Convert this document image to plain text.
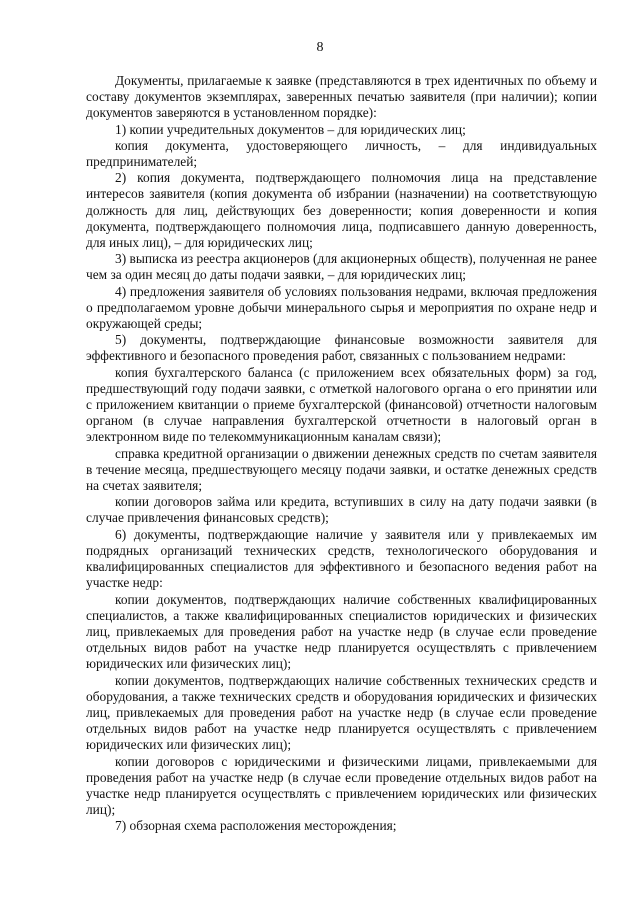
8

Документы, прилагаемые к заявке (представляются в трех идентичных по объему и составу документов экземплярах, заверенных печатью заявителя (при наличии); копии документов заверяются в установленном порядке):

1) копии учредительных документов – для юридических лиц;

копия документа, удостоверяющего личность, – для индивидуальных предпринимателей;

2) копия документа, подтверждающего полномочия лица на представление интересов заявителя (копия документа об избрании (назначении) на соответствующую должность для лиц, действующих без доверенности; копия доверенности и копия документа, подтверждающего полномочия лица, подписавшего данную доверенность, для иных лиц), – для юридических лиц;

3) выписка из реестра акционеров (для акционерных обществ), полученная не ранее чем за один месяц до даты подачи заявки, – для юридических лиц;

4) предложения заявителя об условиях пользования недрами, включая предложения о предполагаемом уровне добычи минерального сырья и мероприятия по охране недр и окружающей среды;

5) документы, подтверждающие финансовые возможности заявителя для эффективного и безопасного проведения работ, связанных с пользованием недрами:

копия бухгалтерского баланса (с приложением всех обязательных форм) за год, предшествующий году подачи заявки, с отметкой налогового органа о его принятии или с приложением квитанции о приеме бухгалтерской (финансовой) отчетности налоговым органом (в случае направления бухгалтерской отчетности в налоговый орган в электронном виде по телекоммуникационным каналам связи);

справка кредитной организации о движении денежных средств по счетам заявителя в течение месяца, предшествующего месяцу подачи заявки, и остатке денежных средств на счетах заявителя;

копии договоров займа или кредита, вступивших в силу на дату подачи заявки (в случае привлечения финансовых средств);

6) документы, подтверждающие наличие у заявителя или у привлекаемых им подрядных организаций технических средств, технологического оборудования и квалифицированных специалистов для эффективного и безопасного ведения работ на участке недр:

копии документов, подтверждающих наличие собственных квалифицированных специалистов, а также квалифицированных специалистов юридических и физических лиц, привлекаемых для проведения работ на участке недр (в случае если проведение отдельных видов работ на участке недр планируется осуществлять с привлечением юридических или физических лиц);

копии документов, подтверждающих наличие собственных технических средств и оборудования, а также технических средств и оборудования юридических и физических лиц, привлекаемых для проведения работ на участке недр (в случае если проведение отдельных видов работ на участке недр планируется осуществлять с привлечением юридических или физических лиц);

копии договоров с юридическими и физическими лицами, привлекаемыми для проведения работ на участке недр (в случае если проведение отдельных видов работ на участке недр планируется осуществлять с привлечением юридических или физических лиц);

7) обзорная схема расположения месторождения;
